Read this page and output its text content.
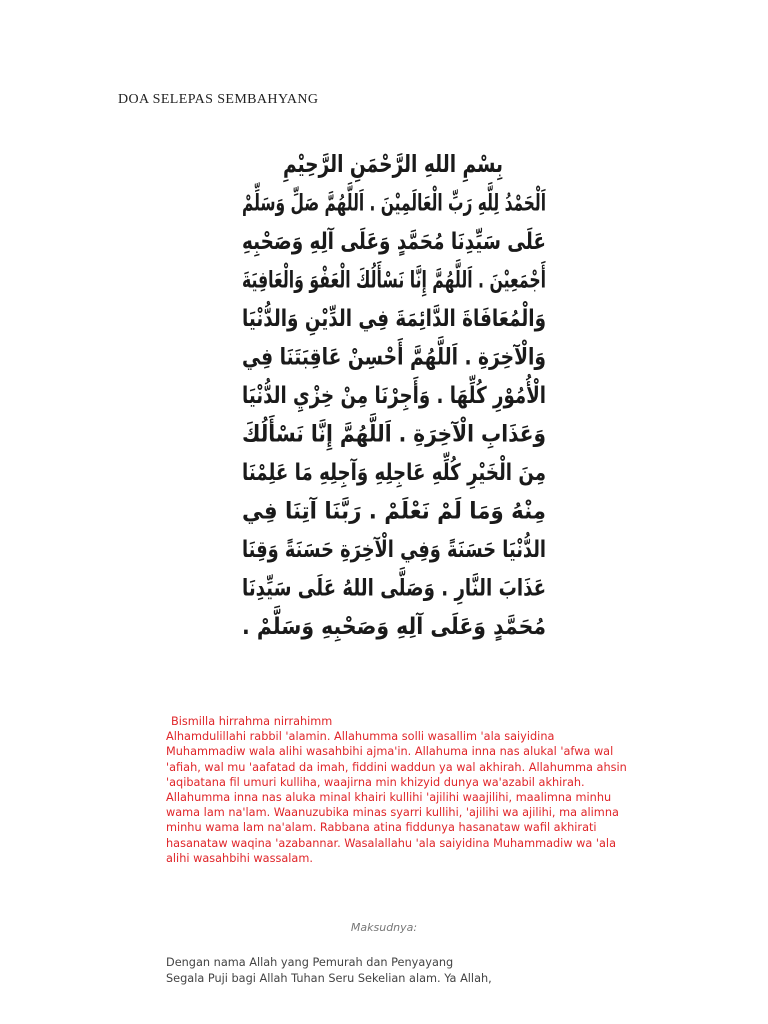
DOA SELEPAS SEMBAHYANG
بِسْمِ اللهِ الرَّحْمَنِ الرَّحِيْمِ
اَلْحَمْدُ لِلَّهِ رَبِّ الْعَالَمِيْنَ . اَللَّهُمَّ صَلِّ وَسَلِّمْ
عَلَى سَيِّدِنَا مُحَمَّدٍ وَعَلَى آلِهِ وَصَحْبِهِ
أَجْمَعِيْنَ . اَللَّهُمَّ إِنَّا نَسْأَلُكَ الْعَفْوَ وَالْعَافِيَةَ
وَالْمُعَافَاةَ الدَّائِمَةَ فِي الدِّيْنِ وَالدُّنْيَا
وَالْآخِرَةِ . اَللَّهُمَّ أَحْسِنْ عَاقِبَتَنَا فِي
الْأُمُوْرِ كُلِّهَا . وَأَجِرْنَا مِنْ خِزْيِ الدُّنْيَا
وَعَذَابِ الْآخِرَةِ . اَللَّهُمَّ إِنَّا نَسْأَلُكَ
مِنَ الْخَيْرِ كُلِّهِ عَاجِلِهِ وَآجِلِهِ مَا عَلِمْنَا
مِنْهُ وَمَا لَمْ نَعْلَمْ . رَبَّنَا آتِنَا فِي
الدُّنْيَا حَسَنَةً وَفِي الْآخِرَةِ حَسَنَةً وَقِنَا
عَذَابَ النَّارِ . وَصَلَّى اللهُ عَلَى سَيِّدِنَا
مُحَمَّدٍ وَعَلَى آلِهِ وَصَحْبِهِ وَسَلَّمْ .
Bismilla hirrahma nirrahimm
Alhamdulillahi rabbil 'alamin. Allahumma solli wasallim 'ala saiyidina Muhammadiw wala alihi wasahbihi ajma'in. Allahuma inna nas alukal 'afwa wal 'afiah, wal mu 'aafatad da imah, fiddini waddun ya wal akhirah. Allahumma ahsin 'aqibatana fil umuri kulliha, waajirna min khizyid dunya wa'azabil akhirah. Allahumma inna nas aluka minal khairi kullihi 'ajilihi waajilihi, maalimna minhu wama lam na'lam. Waanuzubika minas syarri kullihi, 'ajilihi wa ajilihi, ma alimna minhu wama lam na'alam. Rabbana atina fiddunya hasanataw wafil akhirati hasanataw waqina 'azabannar. Wasalallahu 'ala saiyidina Muhammadiw wa 'ala alihi wasahbihi wassalam.
Maksudnya:
Dengan nama Allah yang Pemurah dan Penyayang
Segala Puji bagi Allah Tuhan Seru Sekelian alam. Ya Allah,
